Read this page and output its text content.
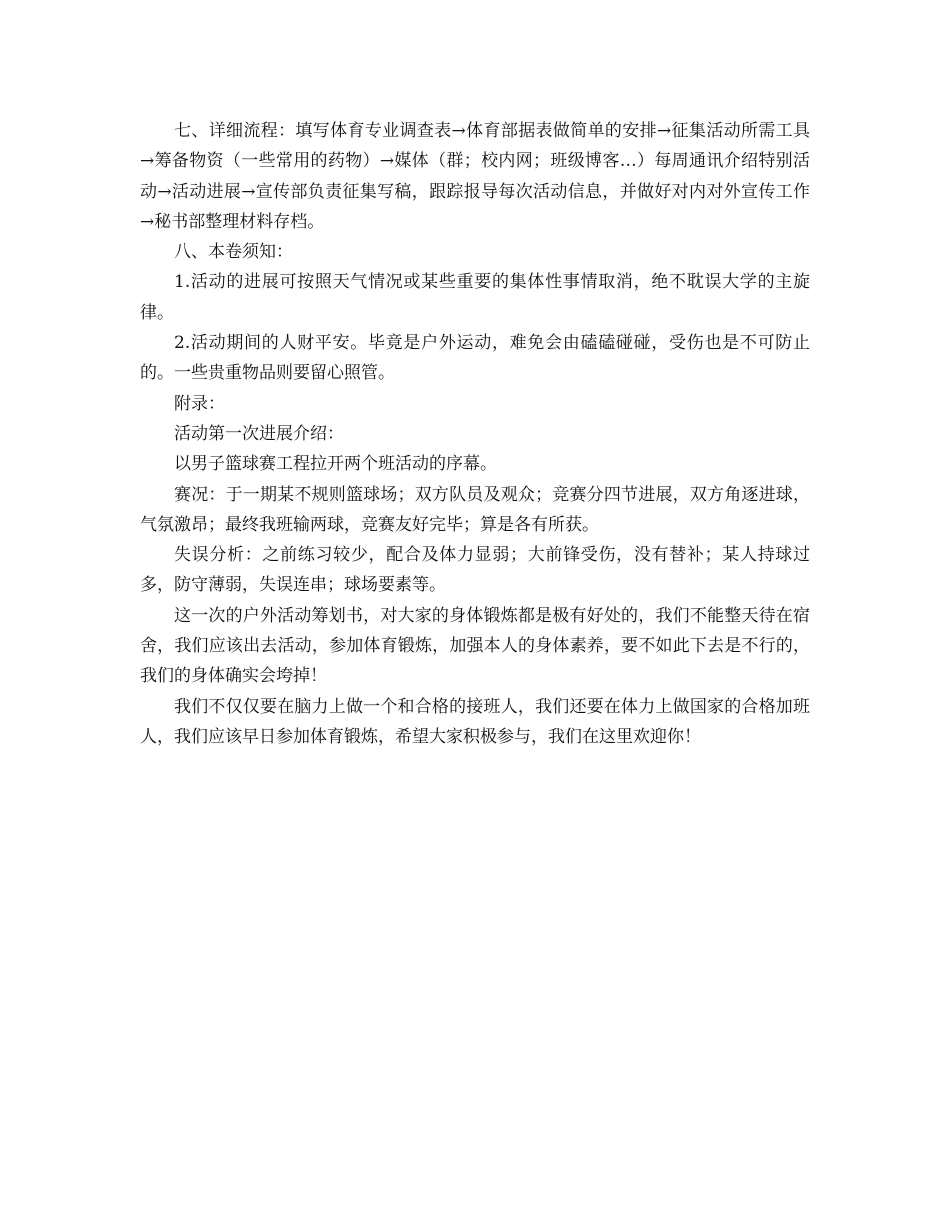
七、详细流程：填写体育专业调查表→体育部据表做简单的安排→征集活动所需工具→筹备物资（一些常用的药物）→媒体（群；校内网；班级博客…）每周通讯介绍特别活动→活动进展→宣传部负责征集写稿，跟踪报导每次活动信息，并做好对内对外宣传工作→秘书部整理材料存档。

八、本卷须知：

1.活动的进展可按照天气情况或某些重要的集体性事情取消，绝不耽误大学的主旋律。

2.活动期间的人财平安。毕竟是户外运动，难免会由磕磕碰碰，受伤也是不可防止的。一些贵重物品则要留心照管。

附录：

活动第一次进展介绍：

以男子篮球赛工程拉开两个班活动的序幕。

赛况：于一期某不规则篮球场；双方队员及观众；竞赛分四节进展，双方角逐进球，气氛激昂；最终我班输两球，竞赛友好完毕；算是各有所获。

失误分析：之前练习较少，配合及体力显弱；大前锋受伤，没有替补；某人持球过多，防守薄弱，失误连串；球场要素等。

这一次的户外活动筹划书，对大家的身体锻炼都是极有好处的，我们不能整天待在宿舍，我们应该出去活动，参加体育锻炼，加强本人的身体素养，要不如此下去是不行的，我们的身体确实会垮掉！

我们不仅仅要在脑力上做一个和合格的接班人，我们还要在体力上做国家的合格加班人，我们应该早日参加体育锻炼，希望大家积极参与，我们在这里欢迎你！
